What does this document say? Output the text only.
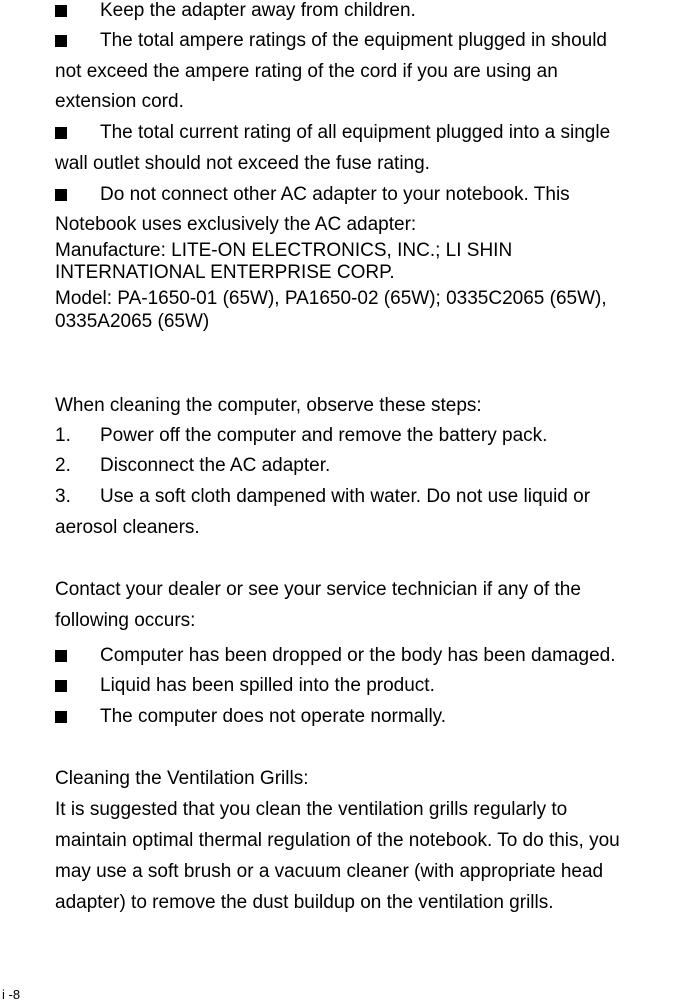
Keep the adapter away from children.
The total ampere ratings of the equipment plugged in should
not exceed the ampere rating of the cord if you are using an
extension cord.
The total current rating of all equipment plugged into a single
wall outlet should not exceed the fuse rating.
Do not connect other AC adapter to your notebook. This
Notebook uses exclusively the AC adapter:
Manufacture: LITE-ON ELECTRONICS, INC.; LI SHIN
INTERNATIONAL ENTERPRISE CORP.
Model: PA-1650-01 (65W), PA1650-02 (65W); 0335C2065 (65W),
0335A2065 (65W)
When cleaning the computer, observe these steps:
1. Power off the computer and remove the battery pack.
2. Disconnect the AC adapter.
3. Use a soft cloth dampened with water. Do not use liquid or
aerosol cleaners.
Contact your dealer or see your service technician if any of the
following occurs:
Computer has been dropped or the body has been damaged.
Liquid has been spilled into the product.
The computer does not operate normally.
Cleaning the Ventilation Grills:
It is suggested that you clean the ventilation grills regularly to
maintain optimal thermal regulation of the notebook. To do this, you
may use a soft brush or a vacuum cleaner (with appropriate head
adapter) to remove the dust buildup on the ventilation grills.
i -8
